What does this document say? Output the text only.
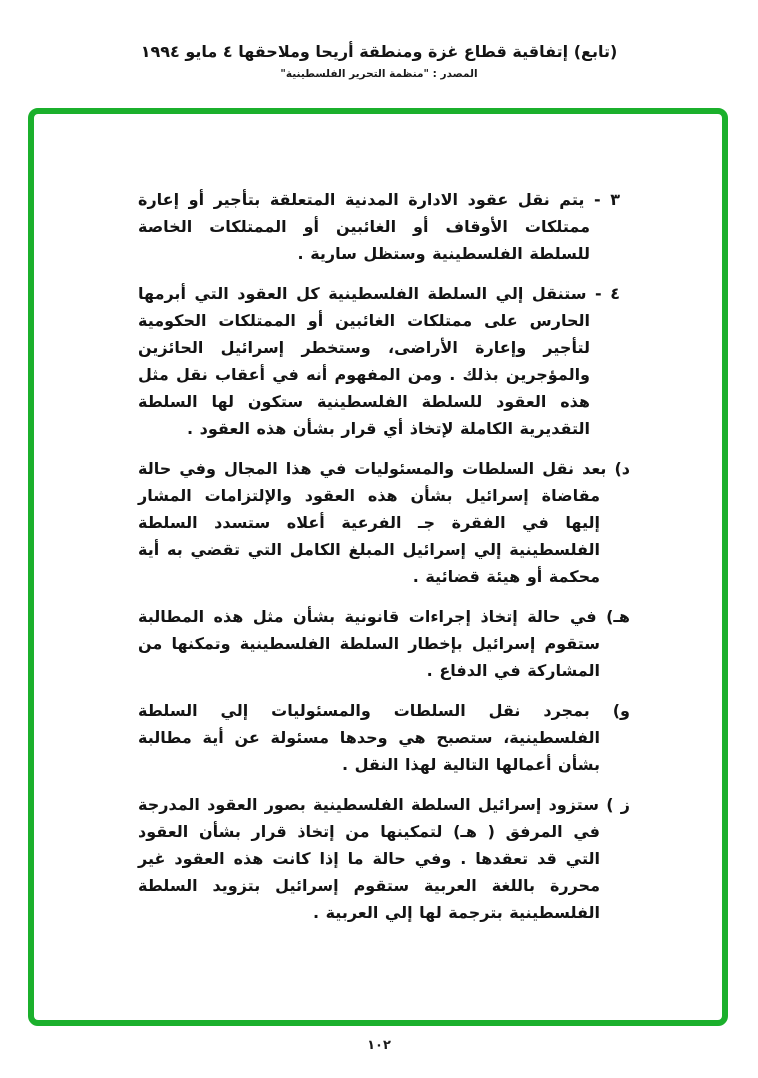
(تابع) إتفاقية قطاع غزة ومنطقة أريحا وملاحقها ٤ مايو ١٩٩٤
المصدر : "منظمة التحرير الفلسطينية"

٣ - يتم نقل عقود الادارة المدنية المتعلقة بتأجير أو إعارة ممتلكات الأوقاف أو الغائبين أو الممتلكات الخاصة للسلطة الفلسطينية وستظل سارية .

٤ - ستنقل إلي السلطة الفلسطينية كل العقود التي أبرمها الحارس على ممتلكات الغائبين أو الممتلكات الحكومية لتأجير وإعارة الأراضى، وستخطر إسرائيل الحائزين والمؤجرين بذلك . ومن المفهوم أنه في أعقاب نقل مثل هذه العقود للسلطة الفلسطينية ستكون لها السلطة التقديرية الكاملة لإتخاذ أي قرار بشأن هذه العقود .

د) بعد نقل السلطات والمسئوليات في هذا المجال وفي حالة مقاضاة إسرائيل بشأن هذه العقود والإلتزامات المشار إليها في الفقرة جـ الفرعية أعلاه ستسدد السلطة الفلسطينية إلي إسرائيل المبلغ الكامل التي تقضي به أية محكمة أو هيئة قضائية .

هـ) في حالة إتخاذ إجراءات قانونية بشأن مثل هذه المطالبة ستقوم إسرائيل بإخطار السلطة الفلسطينية وتمكنها من المشاركة في الدفاع .

و) بمجرد نقل السلطات والمسئوليات إلي السلطة الفلسطينية، ستصبح هي وحدها مسئولة عن أية مطالبة بشأن أعمالها التالية لهذا النقل .

ز ) ستزود إسرائيل السلطة الفلسطينية بصور العقود المدرجة في المرفق ( هـ) لتمكينها من إتخاذ قرار بشأن العقود التي قد تعقدها . وفي حالة ما إذا كانت هذه العقود غير محررة باللغة العربية ستقوم إسرائيل بتزويد السلطة الفلسطينية بترجمة لها إلي العربية .

١٠٢
